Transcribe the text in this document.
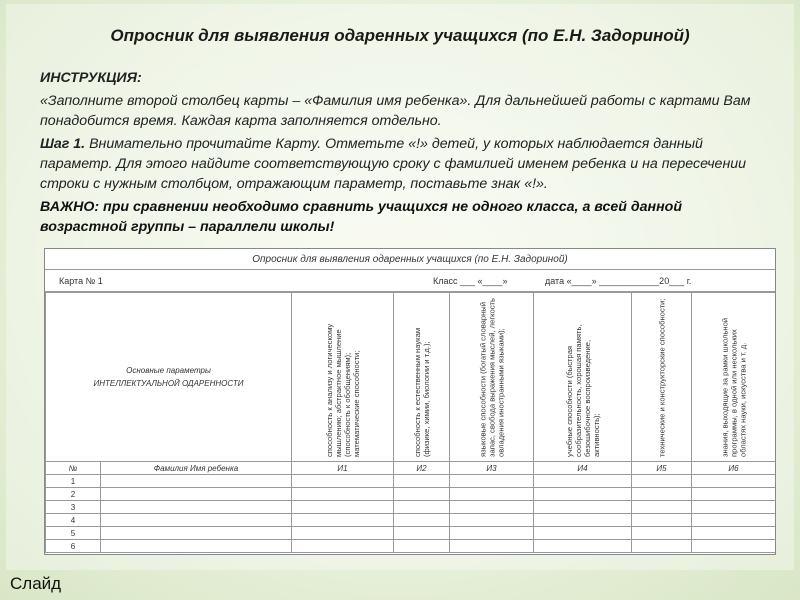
Опросник для выявления одаренных учащихся (по Е.Н. Задориной)

ИНСТРУКЦИЯ:

«Заполните второй столбец карты – «Фамилия имя ребенка». Для дальнейшей работы с картами Вам понадобится время. Каждая карта заполняется отдельно.

Шаг 1. Внимательно прочитайте Карту. Отметьте «!» детей, у которых наблюдается данный параметр. Для этого найдите соответствующую сроку с фамилией именем ребенка и на пересечении строки с нужным столбцом, отражающим параметр, поставьте знак «!».

ВАЖНО: при сравнении необходимо сравнить учащихся не одного класса, а всей данной возрастной группы – параллели школы!

Опросник для выявления одаренных учащихся (по Е.Н. Задориной)
Карта № 1	Класс ___ «____»	дата «____» ____________20___ г.
Основные параметры
ИНТЕЛЛЕКТУАЛЬНОЙ ОДАРЕННОСТИ		способность к анализу и логическому мышлению; абстрактное мышление (способность к обобщениям); математические способности;	способность к естественным наукам (физике, химии, биологии и т.д.);	языковые способности (богатый словарный запас, свобода выражения мыслей, легкость овладения иностранными языками);	учебные способности (быстрая сообразительность, хорошая память, безошибочное воспроизведение, активность);	технические и конструкторские способности;	знания, выходящие за рамки школьной программы, в одной или нескольких областях науки, искусства и т. д.

№	Фамилия Имя ребенка	И1	И2	И3	И4	И5	И6
1							
2							
3							
4							
5							
6							
Слайд
